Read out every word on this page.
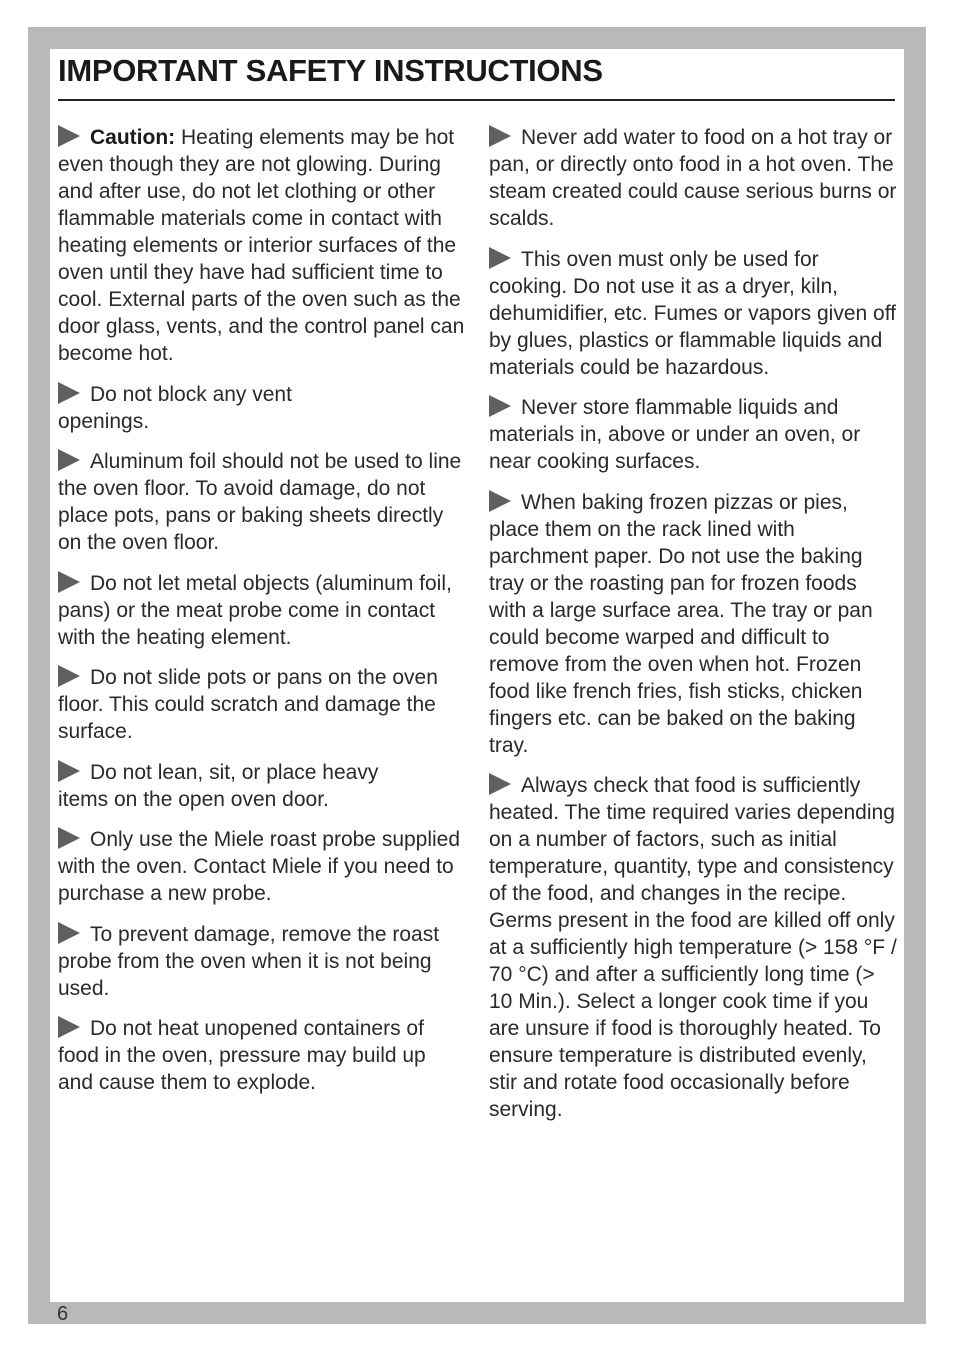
IMPORTANT SAFETY INSTRUCTIONS

Caution: Heating elements may be hot even though they are not glowing. During and after use, do not let clothing or other flammable materials come in contact with heating elements or interior surfaces of the oven until they have had sufficient time to cool. External parts of the oven such as the door glass, vents, and the control panel can become hot.

Do not block any vent openings.

Aluminum foil should not be used to line the oven floor. To avoid damage, do not place pots, pans or baking sheets directly on the oven floor.

Do not let metal objects (aluminum foil, pans) or the meat probe come in contact with the heating element.

Do not slide pots or pans on the oven floor. This could scratch and damage the surface.

Do not lean, sit, or place heavy items on the open oven door.

Only use the Miele roast probe supplied with the oven. Contact Miele if you need to purchase a new probe.

To prevent damage, remove the roast probe from the oven when it is not being used.

Do not heat unopened containers of food in the oven, pressure may build up and cause them to explode.

Never add water to food on a hot tray or pan, or directly onto food in a hot oven. The steam created could cause serious burns or scalds.

This oven must only be used for cooking. Do not use it as a dryer, kiln, dehumidifier, etc. Fumes or vapors given off by glues, plastics or flammable liquids and materials could be hazardous.

Never store flammable liquids and materials in, above or under an oven, or near cooking surfaces.

When baking frozen pizzas or pies, place them on the rack lined with parchment paper. Do not use the baking tray or the roasting pan for frozen foods with a large surface area. The tray or pan could become warped and difficult to remove from the oven when hot. Frozen food like french fries, fish sticks, chicken fingers etc. can be baked on the baking tray.

Always check that food is sufficiently heated. The time required varies depending on a number of factors, such as initial temperature, quantity, type and consistency of the food, and changes in the recipe. Germs present in the food are killed off only at a sufficiently high temperature (> 158 °F / 70 °C) and after a sufficiently long time (> 10 Min.). Select a longer cook time if you are unsure if food is thoroughly heated. To ensure temperature is distributed evenly, stir and rotate food occasionally before serving.

6
